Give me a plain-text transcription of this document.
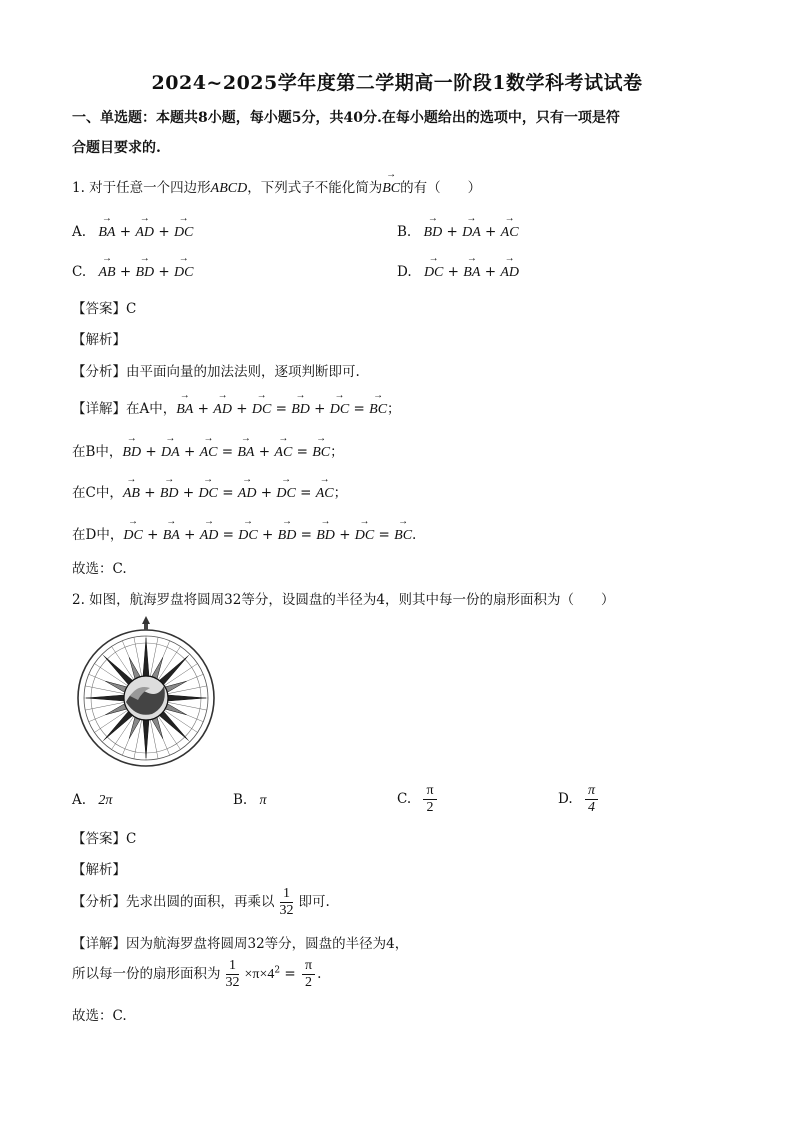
2024~2025学年度第二学期高一阶段1数学科考试试卷
一、单选题：本题共8小题，每小题5分，共40分.在每小题给出的选项中，只有一项是符
合题目要求的.
1. 对于任意一个四边形ABCD，下列式子不能化简为→ BC的有（　　）
A. → BA + → AD + → DC	B. → BD + → DA + → AC
C. → AB + → BD + → DC	D. → DC + → BA + → AD
【答案】C
【解析】
【分析】由平面向量的加法法则，逐项判断即可.
【详解】在A中，→ BA + → AD + → DC = → BD + → DC = → BC；
在B中，→ BD + → DA + → AC = → BA + → AC = → BC；
在C中，→ AB + → BD + → DC = → AD + → DC = → AC；
在D中，→ DC + → BA + → AD = → DC + → BD = → BD + → DC = → BC.
故选：C.
2. 如图，航海罗盘将圆周32等分，设圆盘的半径为4，则其中每一份的扇形面积为（　　）
A. 2π	B. π	C. $\frac{\pi}{2}$	D. $\frac{\pi}{4}$
【答案】C
【解析】
【分析】先求出圆的面积，再乘以 $\frac{1}{32}$ 即可.
【详解】因为航海罗盘将圆周32等分，圆盘的半径为4，
所以每一份的扇形面积为 $\frac{1}{32} \times\pi\times 4^2 = \frac{\pi}{2}$ .
故选：C.
